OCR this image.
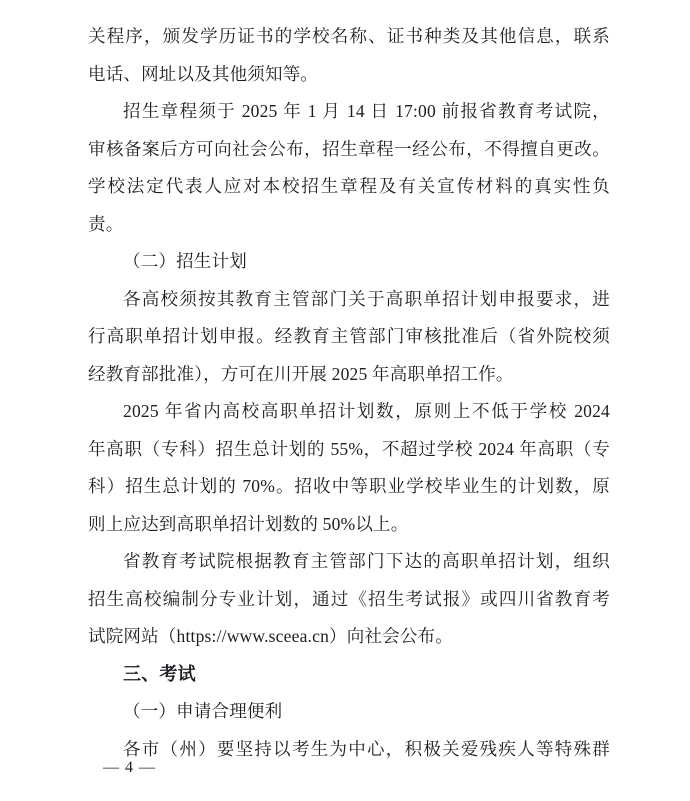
关程序，颁发学历证书的学校名称、证书种类及其他信息，联系
电话、网址以及其他须知等。
招生章程须于 2025 年 1 月 14 日 17:00 前报省教育考试院，
审核备案后方可向社会公布，招生章程一经公布，不得擅自更改。
学校法定代表人应对本校招生章程及有关宣传材料的真实性负
责。
（二）招生计划
各高校须按其教育主管部门关于高职单招计划申报要求，进
行高职单招计划申报。经教育主管部门审核批准后（省外院校须
经教育部批准），方可在川开展 2025 年高职单招工作。
2025 年省内高校高职单招计划数，原则上不低于学校 2024
年高职（专科）招生总计划的 55%，不超过学校 2024 年高职（专
科）招生总计划的 70%。招收中等职业学校毕业生的计划数，原
则上应达到高职单招计划数的 50%以上。
省教育考试院根据教育主管部门下达的高职单招计划，组织
招生高校编制分专业计划，通过《招生考试报》或四川省教育考
试院网站（https://www.sceea.cn）向社会公布。
三、考试
（一）申请合理便利
各市（州）要坚持以考生为中心，积极关爱残疾人等特殊群
— 4 —
